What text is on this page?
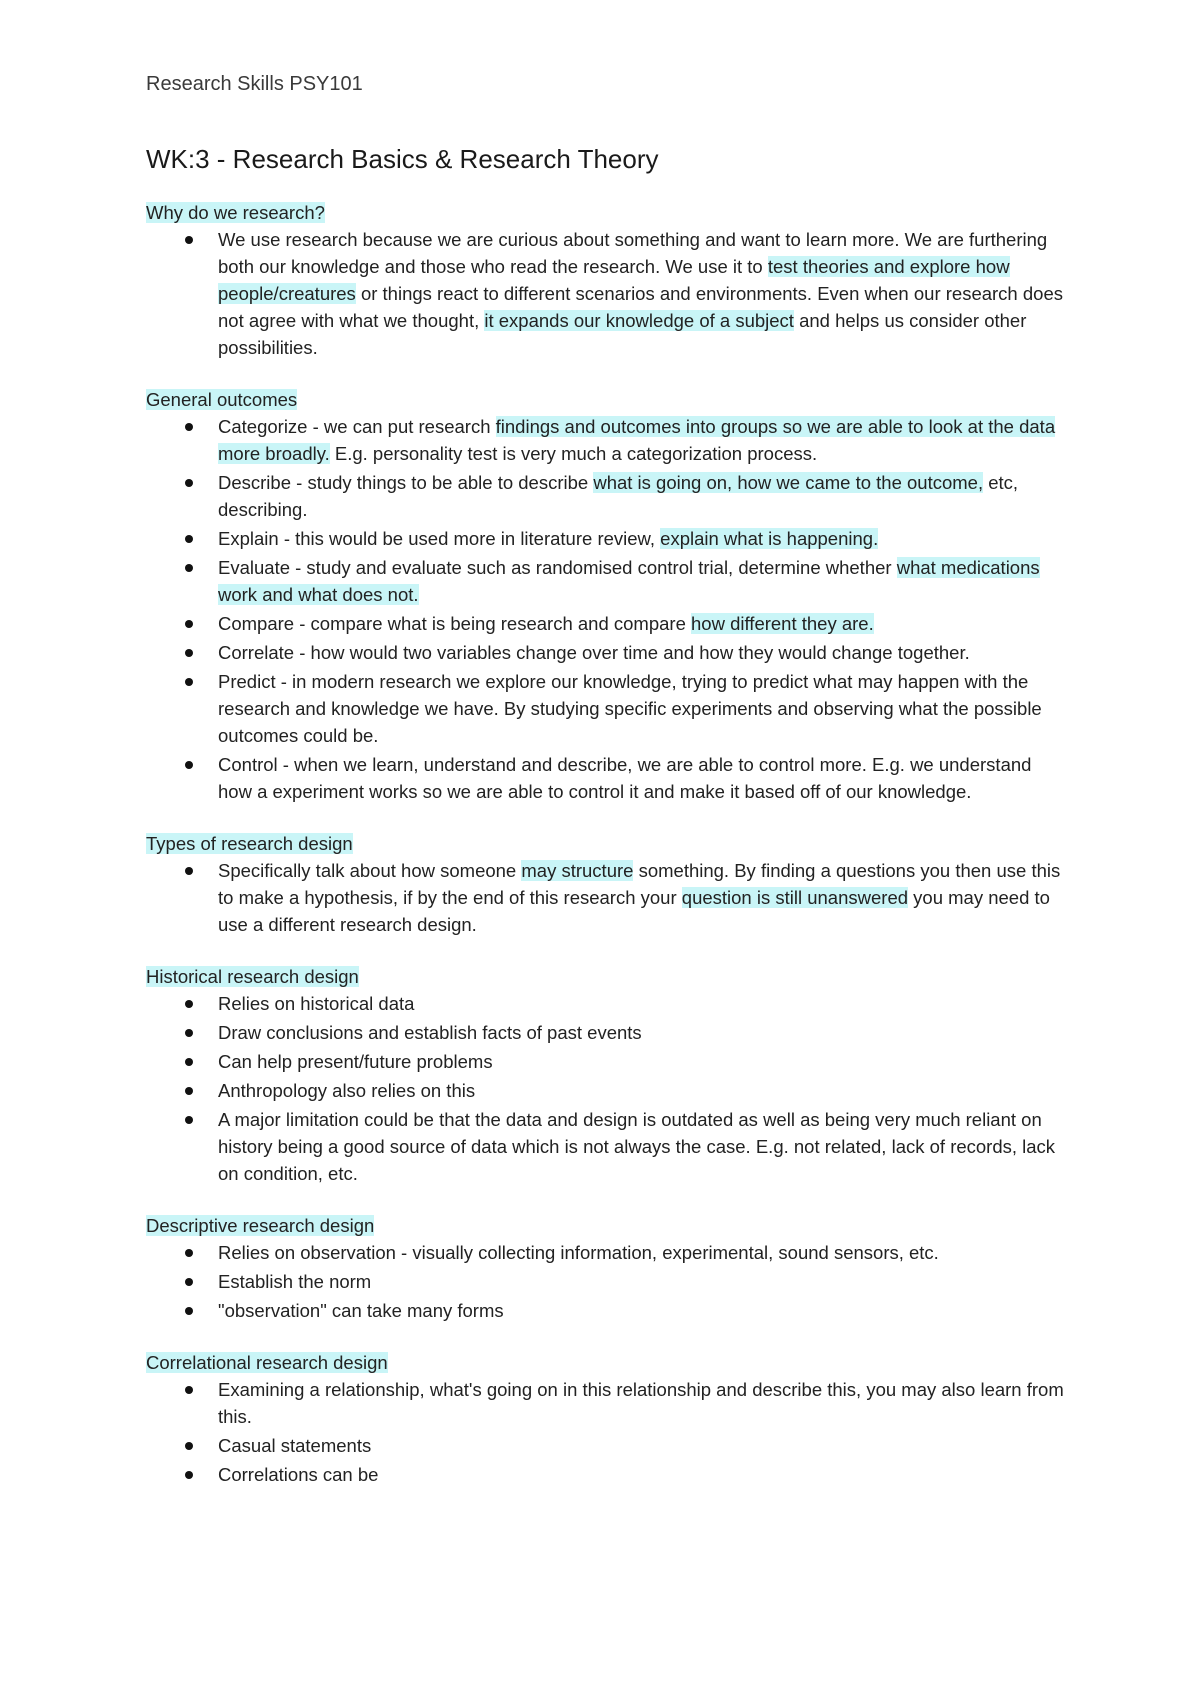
Research Skills PSY101
WK:3 - Research Basics & Research Theory
Why do we research?
We use research because we are curious about something and want to learn more. We are furthering both our knowledge and those who read the research. We use it to test theories and explore how people/creatures or things react to different scenarios and environments. Even when our research does not agree with what we thought, it expands our knowledge of a subject and helps us consider other possibilities.
General outcomes
Categorize - we can put research findings and outcomes into groups so we are able to look at the data more broadly. E.g. personality test is very much a categorization process.
Describe - study things to be able to describe what is going on, how we came to the outcome, etc, describing.
Explain - this would be used more in literature review, explain what is happening.
Evaluate - study and evaluate such as randomised control trial, determine whether what medications work and what does not.
Compare - compare what is being research and compare how different they are.
Correlate - how would two variables change over time and how they would change together.
Predict - in modern research we explore our knowledge, trying to predict what may happen with the research and knowledge we have. By studying specific experiments and observing what the possible outcomes could be.
Control - when we learn, understand and describe, we are able to control more. E.g. we understand how a experiment works so we are able to control it and make it based off of our knowledge.
Types of research design
Specifically talk about how someone may structure something. By finding a questions you then use this to make a hypothesis, if by the end of this research your question is still unanswered you may need to use a different research design.
Historical research design
Relies on historical data
Draw conclusions and establish facts of past events
Can help present/future problems
Anthropology also relies on this
A major limitation could be that the data and design is outdated as well as being very much reliant on history being a good source of data which is not always the case. E.g. not related, lack of records, lack on condition, etc.
Descriptive research design
Relies on observation - visually collecting information, experimental, sound sensors, etc.
Establish the norm
"observation" can take many forms
Correlational research design
Examining a relationship, what's going on in this relationship and describe this, you may also learn from this.
Casual statements
Correlations can be
